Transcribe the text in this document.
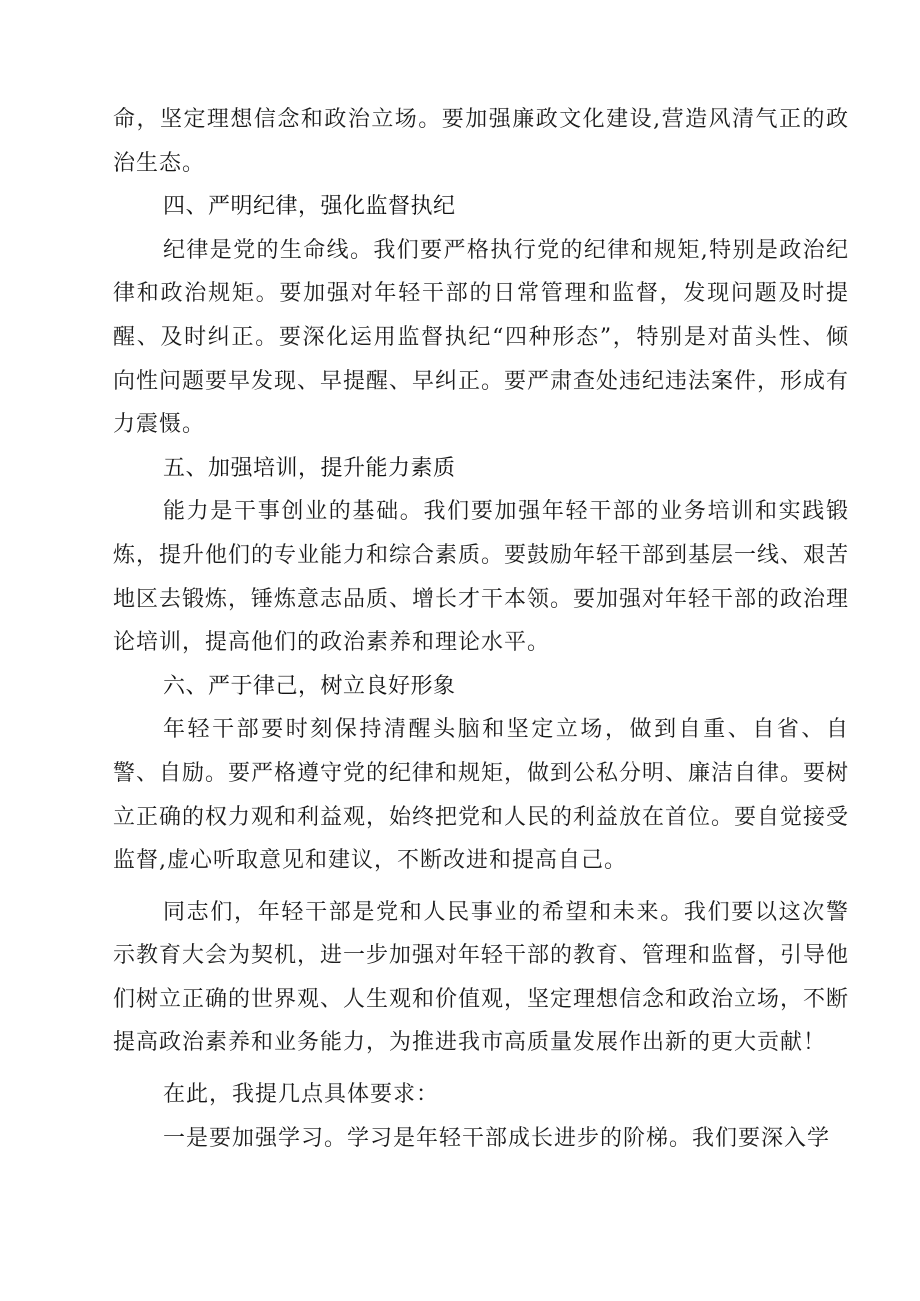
命，坚定理想信念和政治立场。要加强廉政文化建设,营造风清气正的政治生态。

四、严明纪律，强化监督执纪

纪律是党的生命线。我们要严格执行党的纪律和规矩,特别是政治纪律和政治规矩。要加强对年轻干部的日常管理和监督，发现问题及时提醒、及时纠正。要深化运用监督执纪“四种形态”，特别是对苗头性、倾向性问题要早发现、早提醒、早纠正。要严肃查处违纪违法案件，形成有力震慑。

五、加强培训，提升能力素质

能力是干事创业的基础。我们要加强年轻干部的业务培训和实践锻炼，提升他们的专业能力和综合素质。要鼓励年轻干部到基层一线、艰苦地区去锻炼，锤炼意志品质、增长才干本领。要加强对年轻干部的政治理论培训，提高他们的政治素养和理论水平。

六、严于律己，树立良好形象

年轻干部要时刻保持清醒头脑和坚定立场，做到自重、自省、自警、自励。要严格遵守党的纪律和规矩，做到公私分明、廉洁自律。要树立正确的权力观和利益观，始终把党和人民的利益放在首位。要自觉接受监督,虚心听取意见和建议，不断改进和提高自己。

同志们，年轻干部是党和人民事业的希望和未来。我们要以这次警示教育大会为契机，进一步加强对年轻干部的教育、管理和监督，引导他们树立正确的世界观、人生观和价值观，坚定理想信念和政治立场，不断提高政治素养和业务能力，为推进我市高质量发展作出新的更大贡献！

在此，我提几点具体要求：

一是要加强学习。学习是年轻干部成长进步的阶梯。我们要深入学
